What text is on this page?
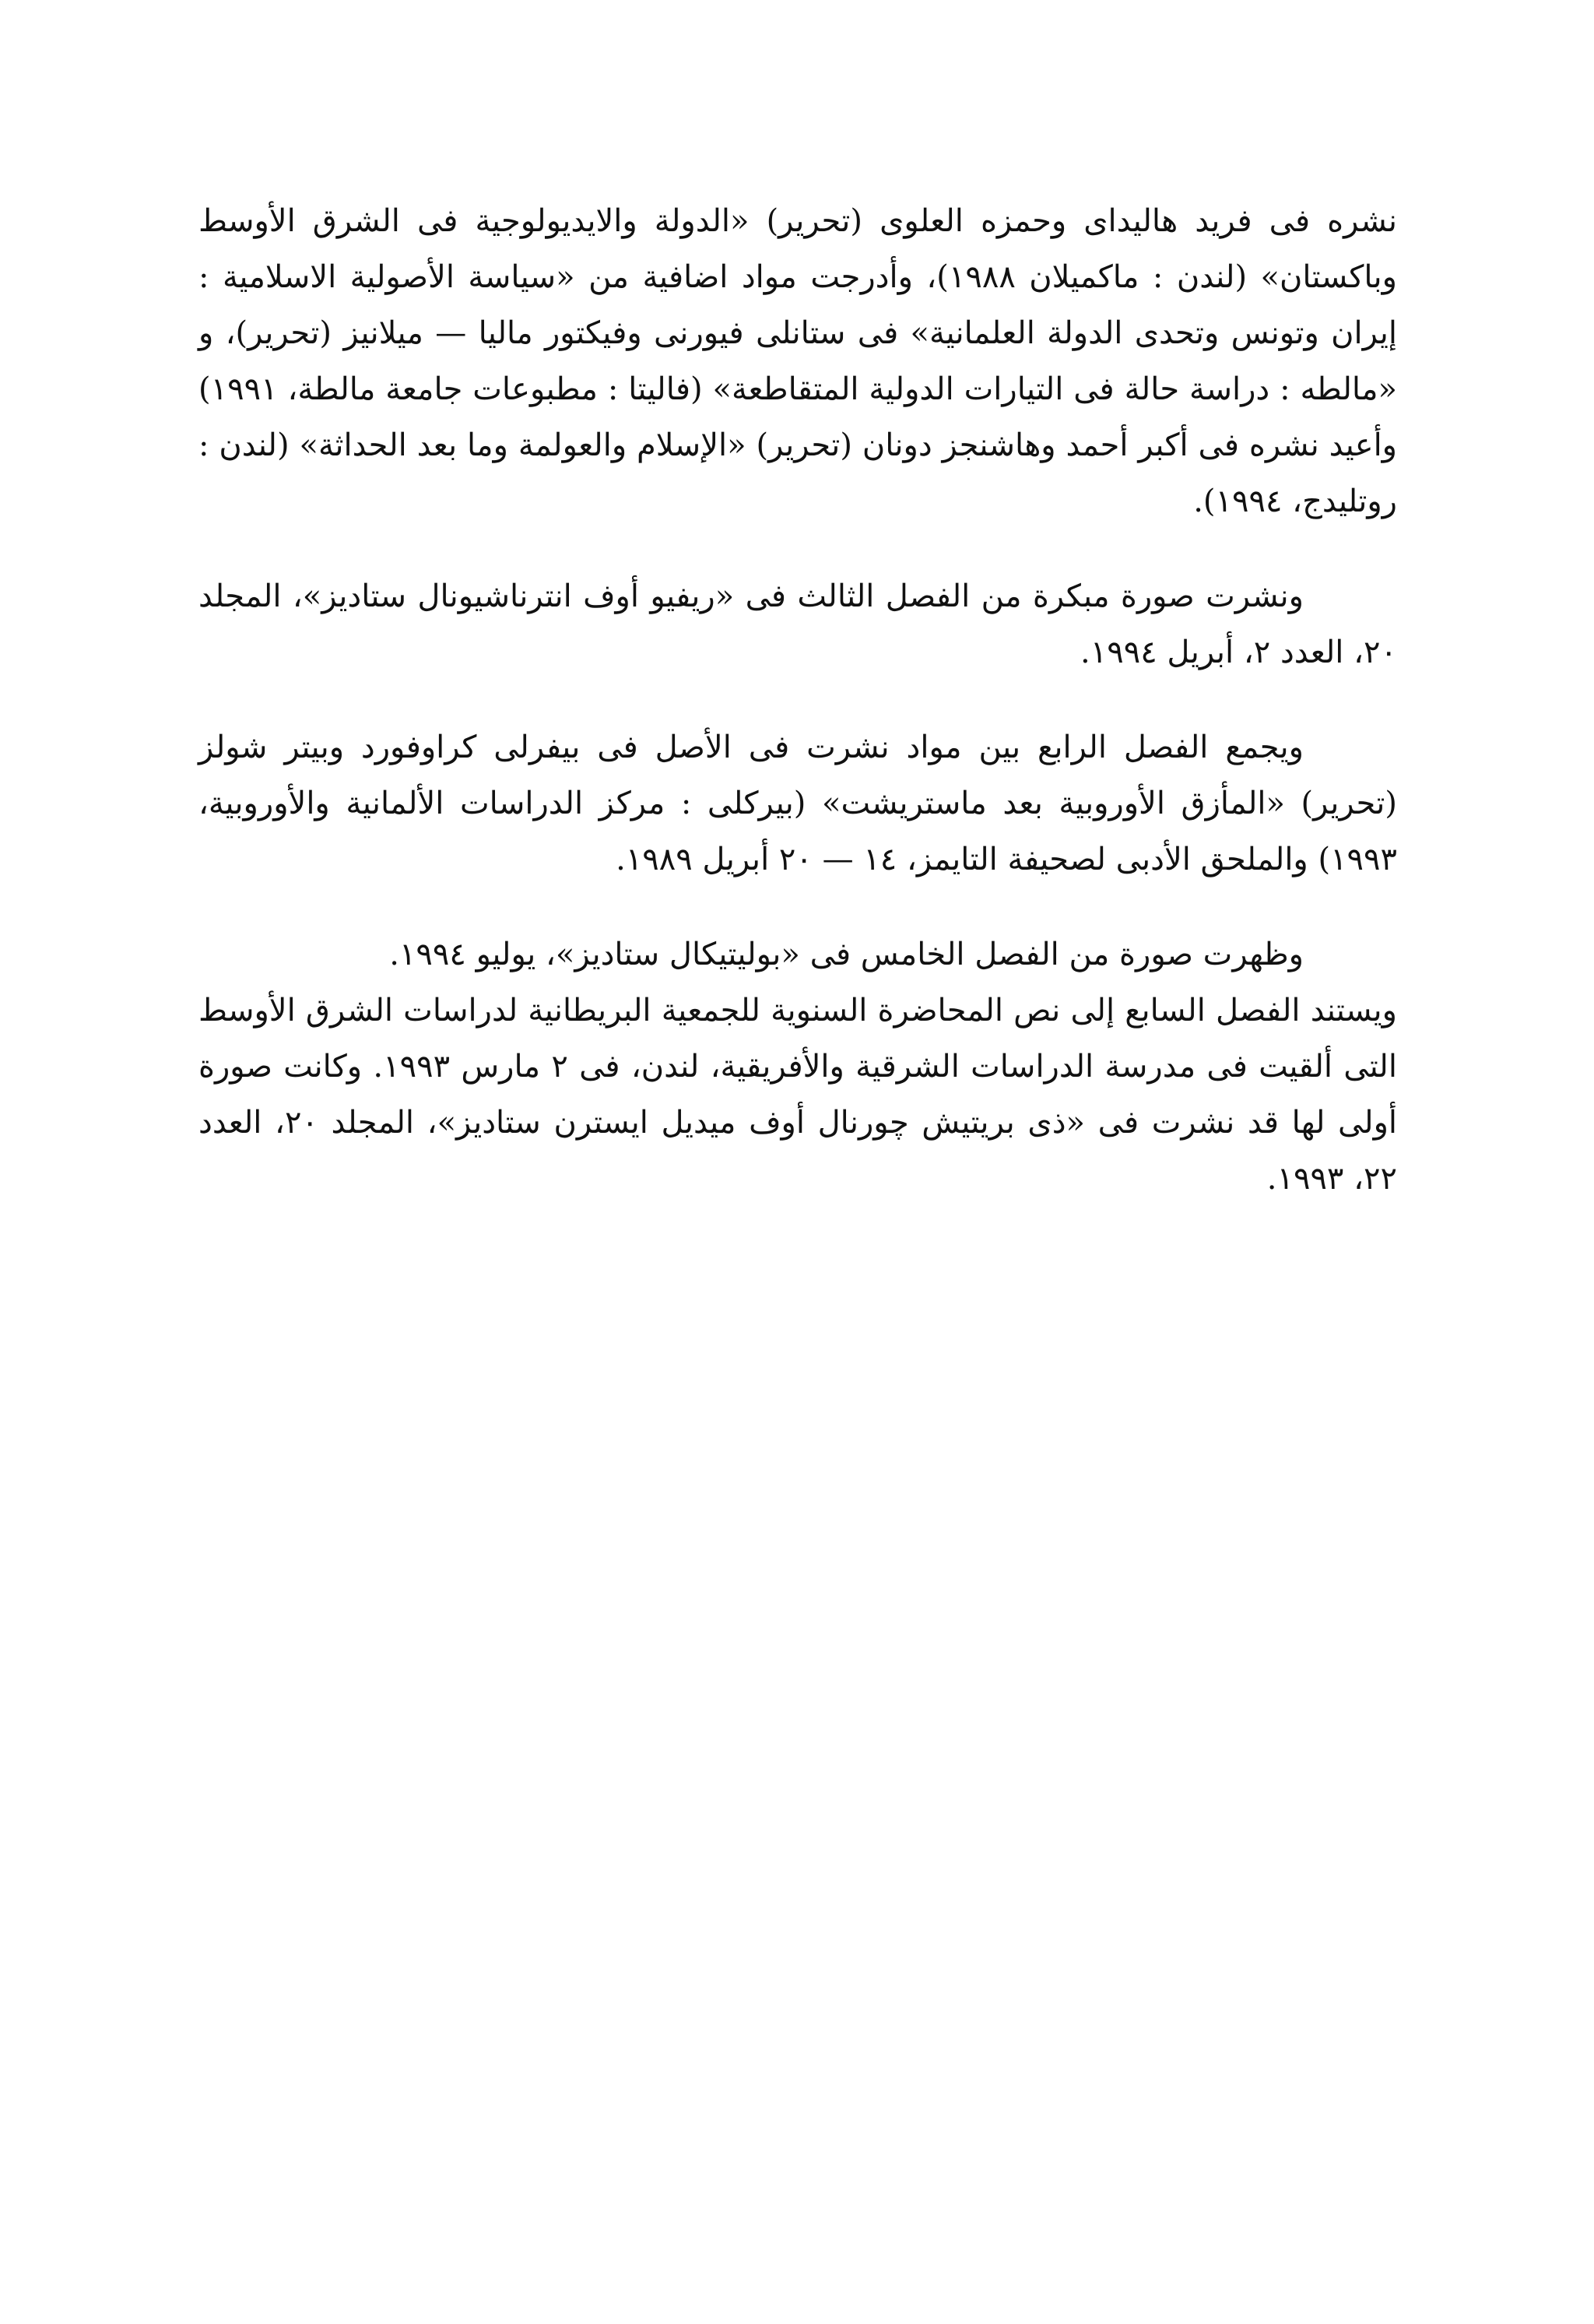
نشره فى فريد هاليداى وحمزه العلوى (تحرير) «الدولة والايديولوجية فى الشرق الأوسط وباكستان» (لندن : ماكميلان ١٩٨٨)، وأدرجت مواد اضافية من «سياسة الأصولية الاسلامية : إيران وتونس وتحدى الدولة العلمانية» فى ستانلى فيورنى وفيكتور ماليا — ميلانيز (تحرير)، و «مالطه : دراسة حالة فى التيارات الدولية المتقاطعة» (فاليتا : مطبوعات جامعة مالطة، ١٩٩١) وأعيد نشره فى أكبر أحمد وهاشنجز دونان (تحرير) «الإسلام والعولمة وما بعد الحداثة» (لندن : روتليدج، ١٩٩٤).

ونشرت صورة مبكرة من الفصل الثالث فى «ريفيو أوف انترناشيونال ستاديز»، المجلد ٢٠، العدد ٢، أبريل ١٩٩٤.

ويجمع الفصل الرابع بين مواد نشرت فى الأصل فى بيفرلى كراوفورد وبيتر شولز (تحرير) «المأزق الأوروبية بعد ماستريشت» (بيركلى : مركز الدراسات الألمانية والأوروبية، ١٩٩٣) والملحق الأدبى لصحيفة التايمز، ١٤ — ٢٠ أبريل ١٩٨٩.

وظهرت صورة من الفصل الخامس فى «بوليتيكال ستاديز»، يوليو ١٩٩٤.

ويستند الفصل السابع إلى نص المحاضرة السنوية للجمعية البريطانية لدراسات الشرق الأوسط التى ألقيت فى مدرسة الدراسات الشرقية والأفريقية، لندن، فى ٢ مارس ١٩٩٣. وكانت صورة أولى لها قد نشرت فى «ذى بريتيش چورنال أوف ميديل ايسترن ستاديز»، المجلد ٢٠، العدد ٢٢، ١٩٩٣.
